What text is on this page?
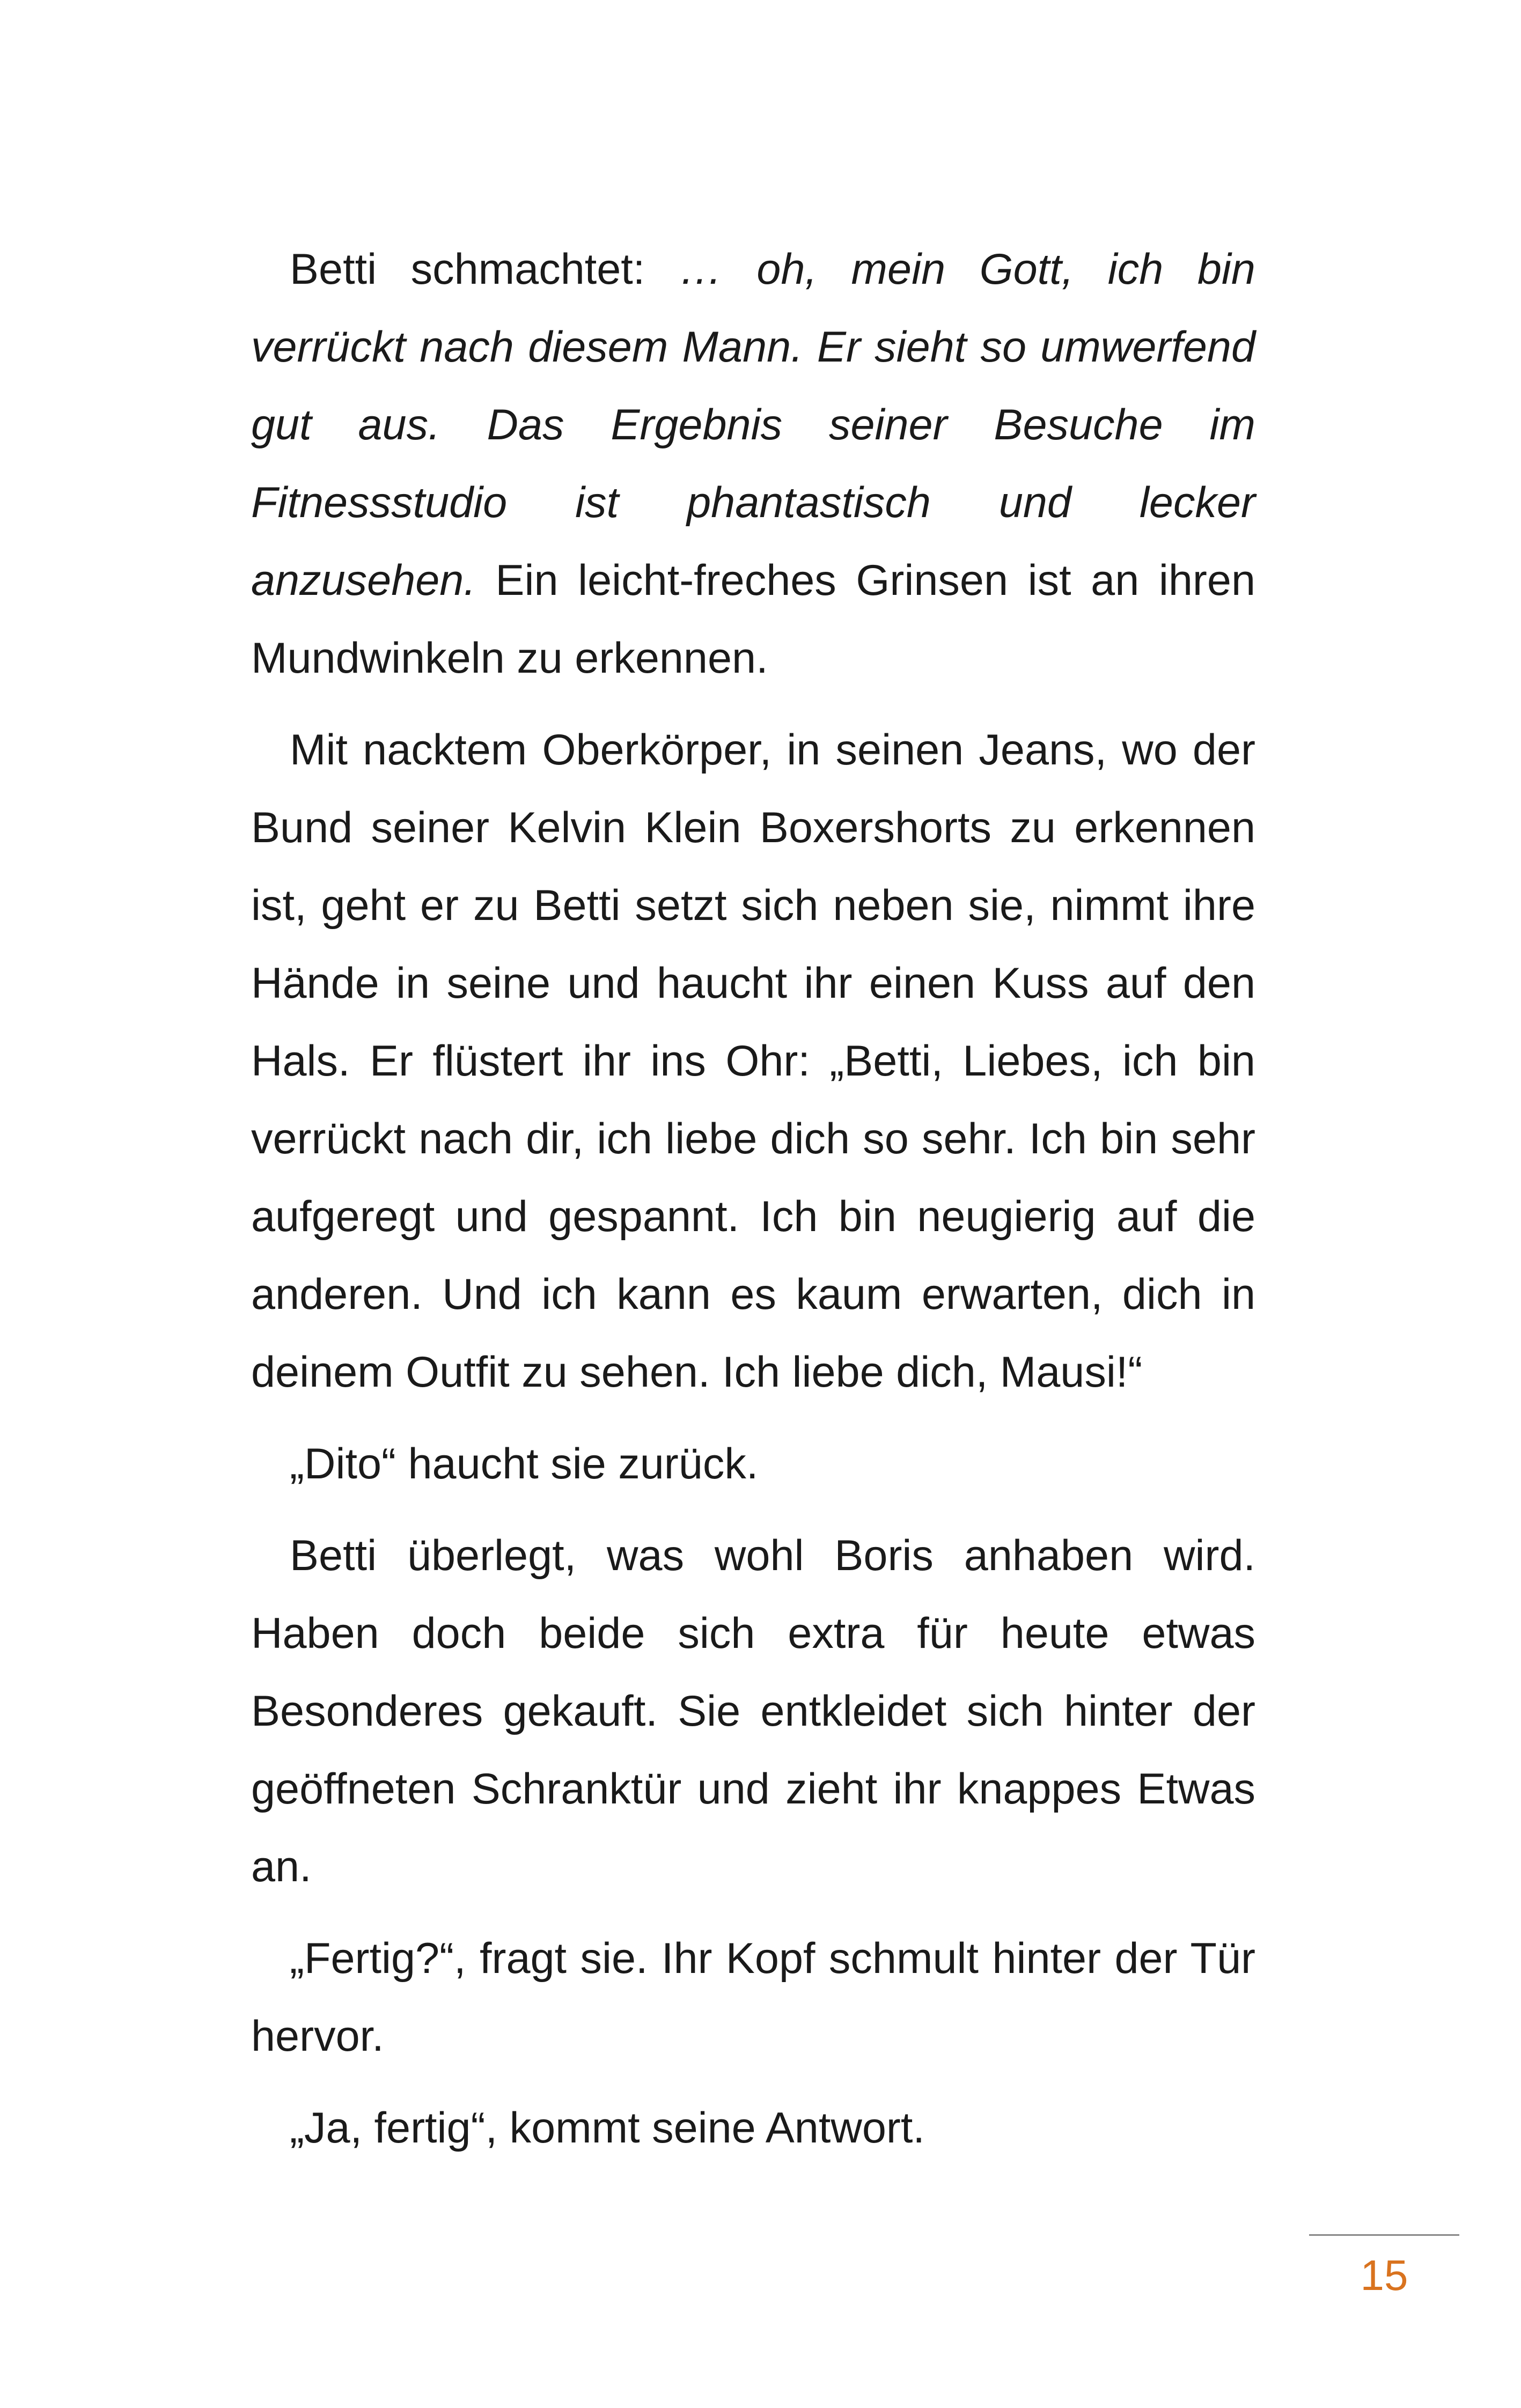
Betti schmachtet: … oh, mein Gott, ich bin verrückt nach diesem Mann. Er sieht so umwerfend gut aus. Das Ergebnis seiner Besuche im Fitnessstudio ist phantastisch und lecker anzusehen. Ein leicht-freches Grinsen ist an ihren Mundwinkeln zu erkennen.

Mit nacktem Oberkörper, in seinen Jeans, wo der Bund seiner Kelvin Klein Boxershorts zu erkennen ist, geht er zu Betti setzt sich neben sie, nimmt ihre Hände in seine und haucht ihr einen Kuss auf den Hals. Er flüstert ihr ins Ohr: „Betti, Liebes, ich bin verrückt nach dir, ich liebe dich so sehr. Ich bin sehr aufgeregt und gespannt. Ich bin neugierig auf die anderen. Und ich kann es kaum erwarten, dich in deinem Outfit zu sehen. Ich liebe dich, Mausi!“

„Dito“ haucht sie zurück.

Betti überlegt, was wohl Boris anhaben wird. Haben doch beide sich extra für heute etwas Besonderes gekauft. Sie entkleidet sich hinter der geöffneten Schranktür und zieht ihr knappes Etwas an.

„Fertig?“, fragt sie. Ihr Kopf schmult hinter der Tür hervor.

„Ja, fertig“, kommt seine Antwort.

15
